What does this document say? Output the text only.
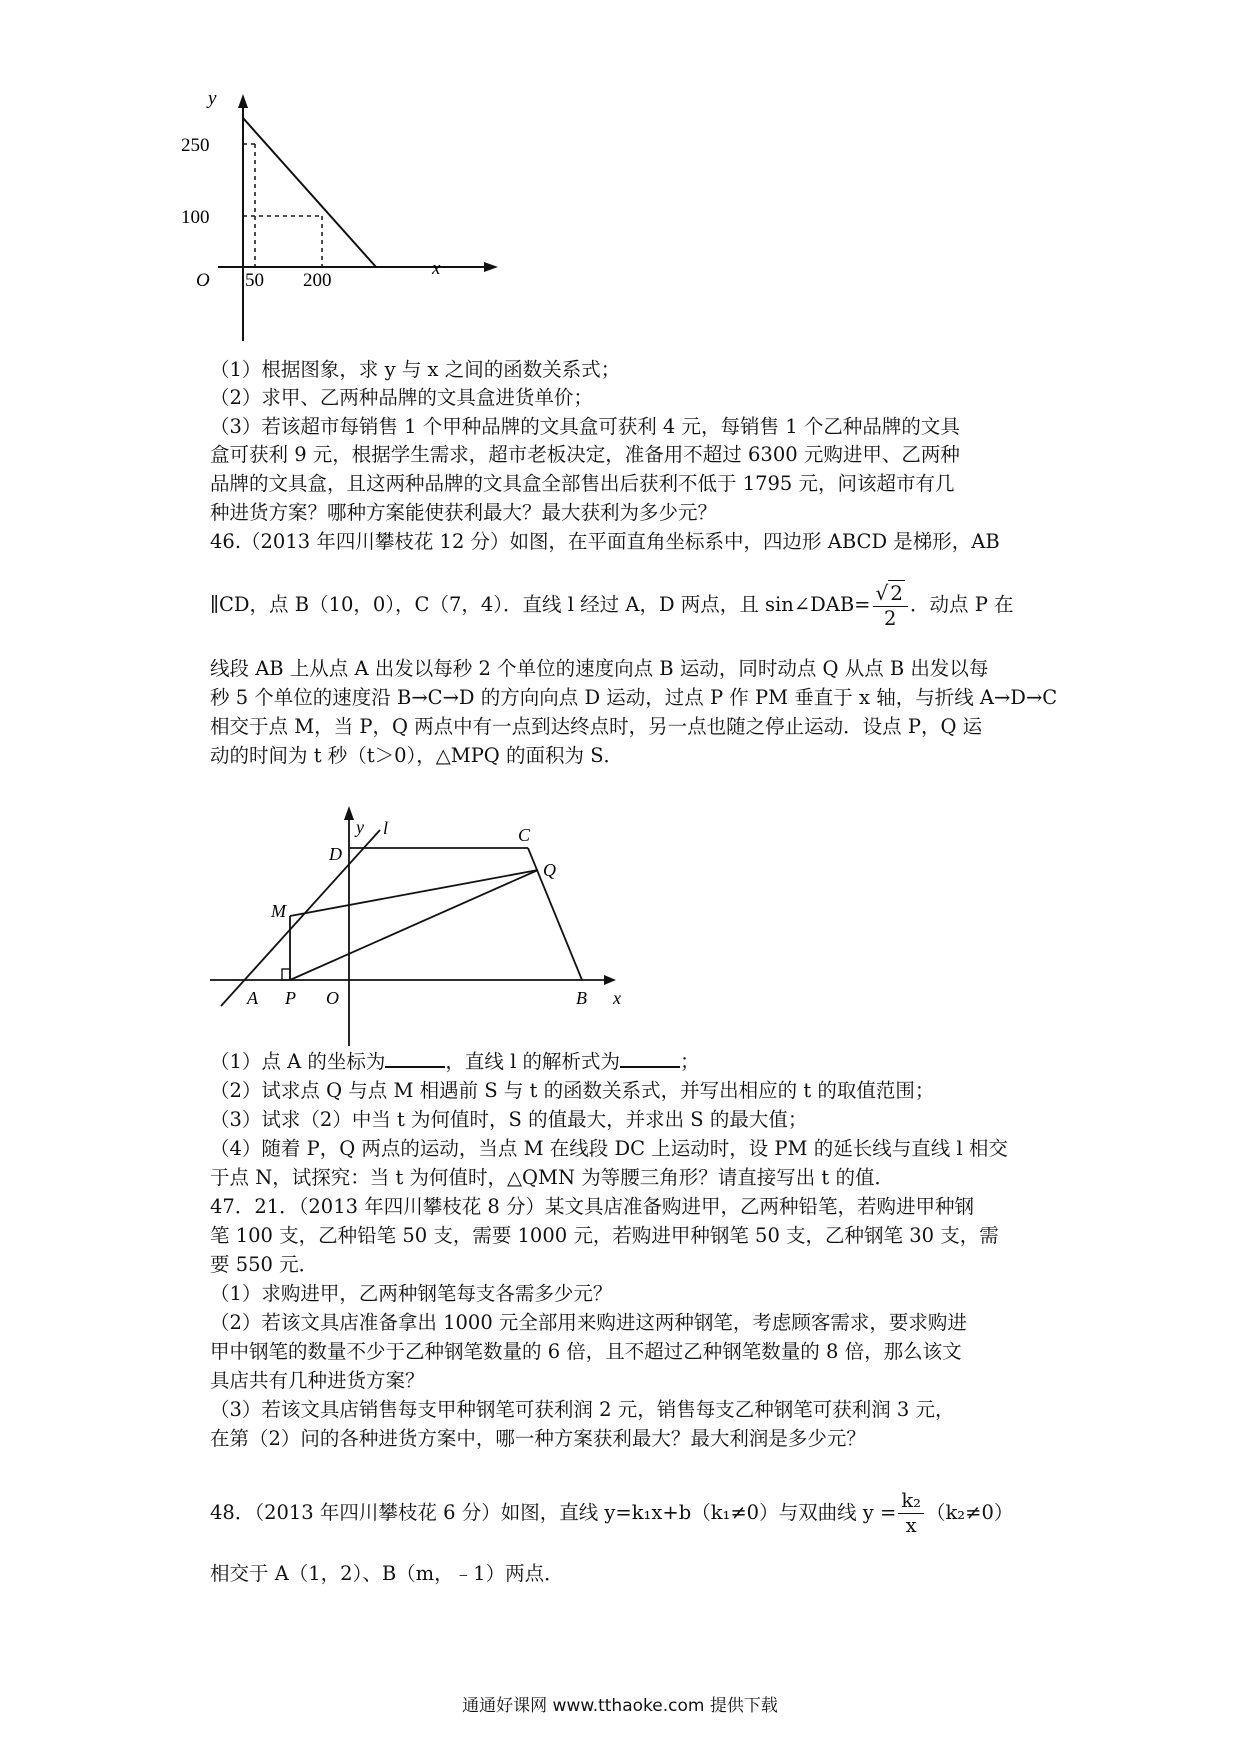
y
x
O
250
100
50 200
（1）根据图象，求 y 与 x 之间的函数关系式；
（2）求甲、乙两种品牌的文具盒进货单价；
（3）若该超市每销售 1 个甲种品牌的文具盒可获利 4 元，每销售 1 个乙种品牌的文具
盒可获利 9 元，根据学生需求，超市老板决定，准备用不超过 6300 元购进甲、乙两种
品牌的文具盒，且这两种品牌的文具盒全部售出后获利不低于 1795 元，问该超市有几
种进货方案？哪种方案能使获利最大？最大获利为多少元？
46.（2013 年四川攀枝花 12 分）如图，在平面直角坐标系中，四边形 ABCD 是梯形，AB
∥CD，点 B（10，0），C（7，4）．直线 l 经过 A，D 两点，且 sin∠DAB= $\frac{√ 2}{2}$ ．动点 P 在
线段 AB 上从点 A 出发以每秒 2 个单位的速度向点 B 运动，同时动点 Q 从点 B 出发以每
秒 5 个单位的速度沿 B→C→D 的方向向点 D 运动，过点 P 作 PM 垂直于 x 轴，与折线 A→D→C
相交于点 M，当 P，Q 两点中有一点到达终点时，另一点也随之停止运动．设点 P，Q 运
动的时间为 t 秒（t＞0），△MPQ 的面积为 S．
y l
x
D
C
Q
M
A P O	B
（1）点 A 的坐标为	，直线 l 的解析式为	；
（2）试求点 Q 与点 M 相遇前 S 与 t 的函数关系式，并写出相应的 t 的取值范围；
（3）试求（2）中当 t 为何值时，S 的值最大，并求出 S 的最大值；
（4）随着 P，Q 两点的运动，当点 M 在线段 DC 上运动时，设 PM 的延长线与直线 l 相交
于点 N，试探究：当 t 为何值时，△QMN 为等腰三角形？请直接写出 t 的值．
47．21．（2013 年四川攀枝花 8 分）某文具店准备购进甲，乙两种铅笔，若购进甲种钢
笔 100 支，乙种铅笔 50 支，需要 1000 元，若购进甲种钢笔 50 支，乙种钢笔 30 支，需
要 550 元．
（1）求购进甲，乙两种钢笔每支各需多少元？
（2）若该文具店准备拿出 1000 元全部用来购进这两种钢笔，考虑顾客需求，要求购进
甲中钢笔的数量不少于乙种钢笔数量的 6 倍，且不超过乙种钢笔数量的 8 倍，那么该文
具店共有几种进货方案？
（3）若该文具店销售每支甲种钢笔可获利润 2 元，销售每支乙种钢笔可获利润 3 元，
在第（2）问的各种进货方案中，哪一种方案获利最大？最大利润是多少元？
48．（2013 年四川攀枝花 6 分）如图，直线 y=k₁x+b（k₁≠0）与双曲线 $y = \frac{\text{k₂}}{x} (k_2\ne 0)$
相交于 A（1，2）、B（m，﹣1）两点．
通通好课网 www.tthaoke.com 提供下载
